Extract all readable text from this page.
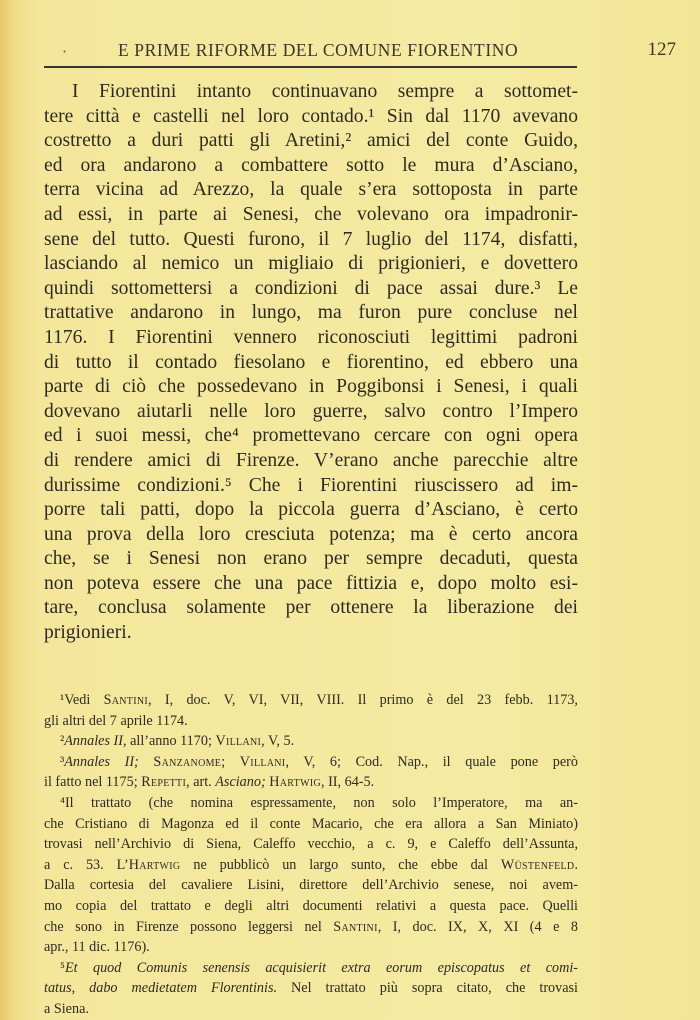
·	E PRIME RIFORME DEL COMUNE FIORENTINO	127
I Fiorentini intanto continuavano sempre a sottomet-
tere città e castelli nel loro contado.¹ Sin dal 1170 avevano
costretto a duri patti gli Aretini,² amici del conte Guido,
ed ora andarono a combattere sotto le mura d’Asciano,
terra vicina ad Arezzo, la quale s’era sottoposta in parte
ad essi, in parte ai Senesi, che volevano ora impadronir-
sene del tutto. Questi furono, il 7 luglio del 1174, disfatti,
lasciando al nemico un migliaio di prigionieri, e dovettero
quindi sottomettersi a condizioni di pace assai dure.³ Le
trattative andarono in lungo, ma furon pure concluse nel
1176. I Fiorentini vennero riconosciuti legittimi padroni
di tutto il contado fiesolano e fiorentino, ed ebbero una
parte di ciò che possedevano in Poggibonsi i Senesi, i quali
dovevano aiutarli nelle loro guerre, salvo contro l’Impero
ed i suoi messi, che⁴ promettevano cercare con ogni opera
di rendere amici di Firenze. V’erano anche parecchie altre
durissime condizioni.⁵ Che i Fiorentini riuscissero ad im-
porre tali patti, dopo la piccola guerra d’Asciano, è certo
una prova della loro cresciuta potenza; ma è certo ancora
che, se i Senesi non erano per sempre decaduti, questa
non poteva essere che una pace fittizia e, dopo molto esi-
tare, conclusa solamente per ottenere la liberazione dei
prigionieri.
¹Vedi Santini, I, doc. V, VI, VII, VIII. Il primo è del 23 febb. 1173,
gli altri del 7 aprile 1174.
²Annales II, all’anno 1170; Villani, V, 5.
³Annales II; Sanzanome; Villani, V, 6; Cod. Nap., il quale pone però
il fatto nel 1175; Repetti, art. Asciano; Hartwig, II, 64-5.
⁴Il trattato (che nomina espressamente, non solo l’Imperatore, ma an-
che Cristiano di Magonza ed il conte Macario, che era allora a San Miniato)
trovasi nell’Archivio di Siena, Caleffo vecchio, a c. 9, e Caleffo dell’Assunta,
a c. 53. L’Hartwig ne pubblicò un largo sunto, che ebbe dal Wüstenfeld.
Dalla cortesia del cavaliere Lisini, direttore dell’Archivio senese, noi avem-
mo copia del trattato e degli altri documenti relativi a questa pace. Quelli
che sono in Firenze possono leggersi nel Santini, I, doc. IX, X, XI (4 e 8
apr., 11 dic. 1176).
⁵Et quod Comunis senensis acquisierit extra eorum episcopatus et comi-
tatus, dabo medietatem Florentinis. Nel trattato più sopra citato, che trovasi
a Siena.
